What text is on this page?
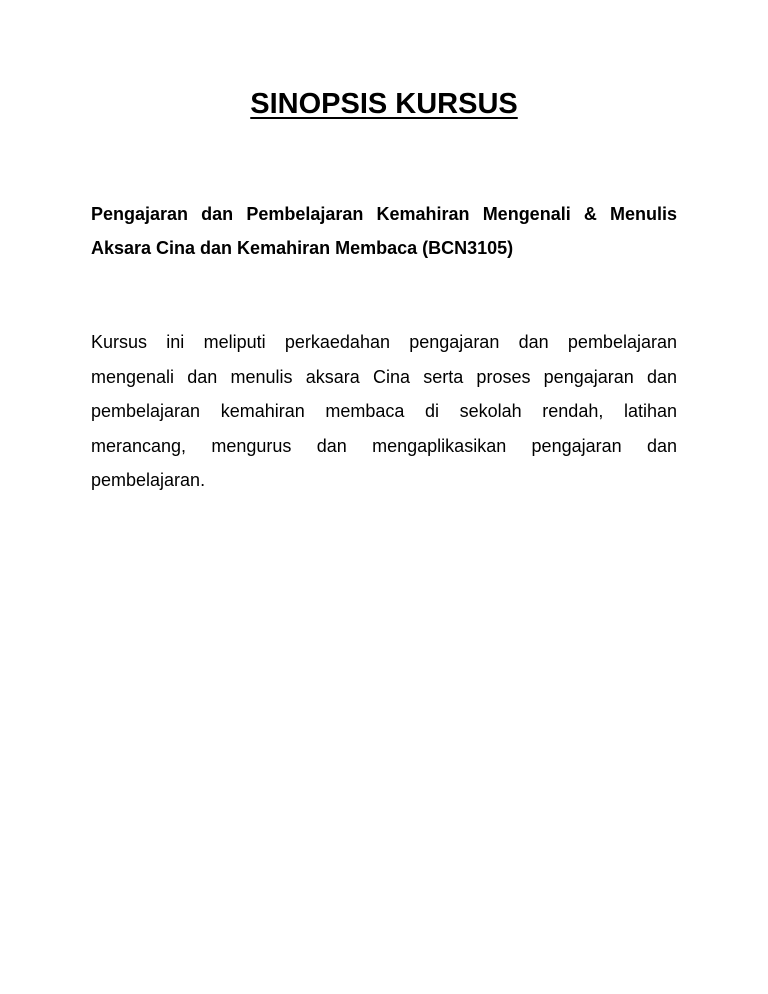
SINOPSIS KURSUS

Pengajaran dan Pembelajaran Kemahiran Mengenali & Menulis Aksara Cina dan Kemahiran Membaca (BCN3105)

Kursus ini meliputi perkaedahan pengajaran dan pembelajaran mengenali dan menulis aksara Cina serta proses pengajaran dan pembelajaran kemahiran membaca di sekolah rendah, latihan merancang, mengurus dan mengaplikasikan pengajaran dan pembelajaran.
